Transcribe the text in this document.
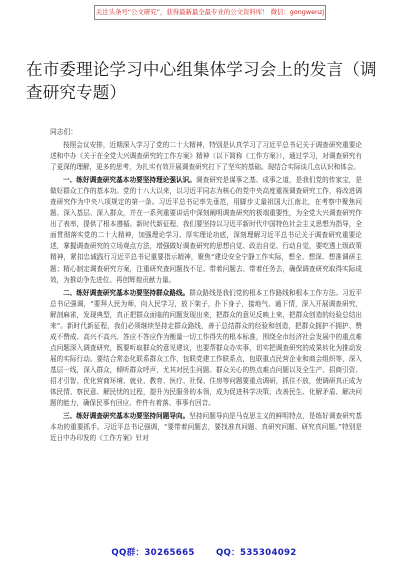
关注头条号“公文研究”，获得最新最全最专业的公文资料库！ 微信：gongwenzj
在市委理论学习中心组集体学习会上的发言（调查研究专题）
同志们：

按照会议安排，近期深入学习了党的二十大精神，特别是认真学习了习近平总书记关于调查研究重要论述和中办《关于在全党大兴调查研究的工作方案》精神（以下简称《工作方案》），通过学习，对调查研究有了更深的理解，更多的思考，为扎实有效开展调查研究打下了坚实的基础。现结合实际谈几点认识和体会。

一、练好调查研究基本功要坚持理论强认识。调查研究是谋事之基、成事之道，是我们党的传家宝，是做好群众工作的基本功。党的十八大以来，以习近平同志为核心的党中央高度重视调查研究工作，将改进调查研究作为中央八项规定的第一条。习近平总书记率先垂范，用脚步丈量祖国大江南北，在考察中聚焦问题、深入基层、深入群众，并在一系列重要讲话中深刻阐明调查研究的极端重要性，为全党大兴调查研究作出了表率，提供了根本遵循。新时代新征程，我们要坚持以习近平新时代中国特色社会主义思想为指导，全面贯彻落实党的二十大精神，加强理论学习、厚实理论功底，深刻理解习近平总书记关于调查研究重要论述，掌握调查研究的立场观点方法，增强做好调查研究的思想自觉、政治自觉、行动自觉，要吃透上级政策精神，紧扣忠诚践行习近平总书记重要指示精神，聚焦“建设安全宁静工作实际，想全、想深、想准调研主题；精心制定调查研究方案，注重研究查问题找不足、带着问题去、带着任务去，确保调查研究取得实际成效，为推动争先进位、再创辉煌贡献力量。

二、练好调查研究基本功要坚持群众路线。群众路线是我们党的根本工作路线和根本工作方法。习近平总书记强调，“要拜人民为师，向人民学习，放下架子，扑下身子，接地气、通下情，深入开展调查研究，解剖麻雀，发现典型，真正把群众面临的问题发现出来，把群众的意见反映上来，把群众创造的经验总结出来”。新时代新征程，我们必须继续坚持走群众路线，善于总结群众的经验和创造，把群众拥护不拥护、赞成不赞成、高兴不高兴、答应不答应作为衡量一切工作得失的根本标准，围绕全市经济社会发展中的重点难点问题深入调查研究，既要听取群众的意见建议，也要帮群众办实事，切实把调查研究的成果转化为推动发展的实际行动。要结合常态化联系群众工作，包联党建工作联系点，包联重点民营企业和商会组织等，深入基层一线，深入群众，倾听群众呼声，尤其对民生问题、群众关心的热点难点问题以及全生产、招商引资、招才引智、优化营商环境、就业、教育、医疗、社保、住房等问题要重点调研，抓住不放，使调研真正成为体民情、察民意、解民忧的过程，提升为民服务的本领，成为促进科学决策、改善民生、化解矛盾、解决问题的能力，确保民事有回应、件件有着落、事事有回音。

三、练好调查研究基本功要坚持问题导向。坚持问题导向是马克思主义的鲜明特点，是练好调查研究基本功的重要抓手。习近平总书记强调，“要带着问题去，要找准真问题、真研究问题、研究真问题。”特别是近日中办印发的《工作方案》针对

QQ群：30265665 QQ：535304092
